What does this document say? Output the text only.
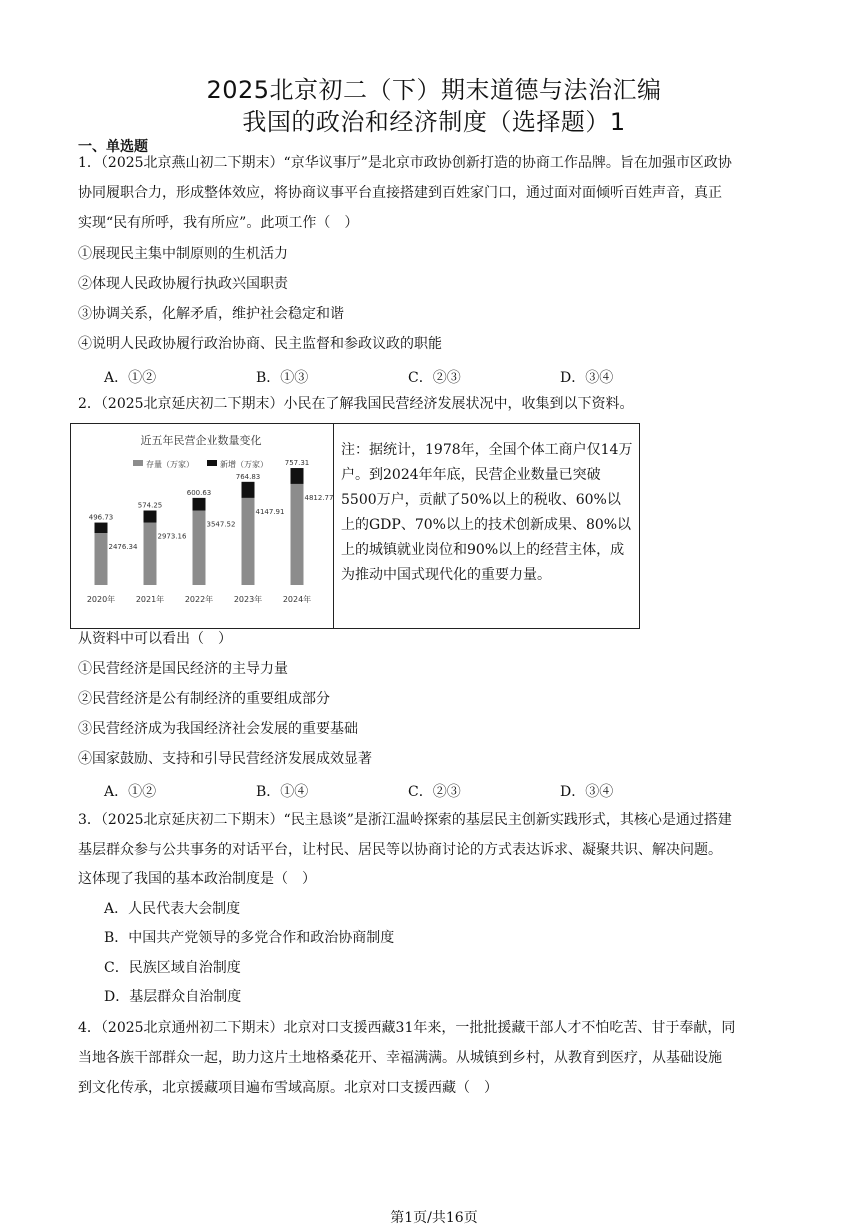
2025北京初二（下）期末道德与法治汇编
我国的政治和经济制度（选择题）1
一、单选题
1．（2025北京燕山初二下期末）“京华议事厅”是北京市政协创新打造的协商工作品牌。旨在加强市区政协
协同履职合力，形成整体效应，将协商议事平台直接搭建到百姓家门口，通过面对面倾听百姓声音，真正
实现“民有所呼，我有所应”。此项工作（　）
①展现民主集中制原则的生机活力
②体现人民政协履行执政兴国职责
③协调关系，化解矛盾，维护社会稳定和谐
④说明人民政协履行政治协商、民主监督和参政议政的职能
A．①②	B．①③	C．②③	D．③④
2．（2025北京延庆初二下期末）小民在了解我国民营经济发展状况中，收集到以下资料。
近五年民营企业数量变化
存量（万家）	新增（万家）
496.73
2476.34
2020年
574.25
2973.16
2021年
600.63
3547.52
2022年
764.83
4147.91
2023年
757.31
4812.77
2024年
注：据统计，1978年，全国个体工商户仅14万户。到2024年年底，民营企业数量已突破5500万户，贡献了50%以上的税收、60%以上的GDP、70%以上的技术创新成果、80%以上的城镇就业岗位和90%以上的经营主体，成为推动中国式现代化的重要力量。
从资料中可以看出（　）
①民营经济是国民经济的主导力量
②民营经济是公有制经济的重要组成部分
③民营经济成为我国经济社会发展的重要基础
④国家鼓励、支持和引导民营经济发展成效显著
A．①②	B．①④	C．②③	D．③④
3．（2025北京延庆初二下期末）“民主恳谈”是浙江温岭探索的基层民主创新实践形式，其核心是通过搭建
基层群众参与公共事务的对话平台，让村民、居民等以协商讨论的方式表达诉求、凝聚共识、解决问题。
这体现了我国的基本政治制度是（　）
A．人民代表大会制度
B．中国共产党领导的多党合作和政治协商制度
C．民族区域自治制度
D．基层群众自治制度
4．（2025北京通州初二下期末）北京对口支援西藏31年来，一批批援藏干部人才不怕吃苦、甘于奉献，同
当地各族干部群众一起，助力这片土地格桑花开、幸福满满。从城镇到乡村，从教育到医疗，从基础设施
到文化传承，北京援藏项目遍布雪域高原。北京对口支援西藏（　）
第1页/共16页
